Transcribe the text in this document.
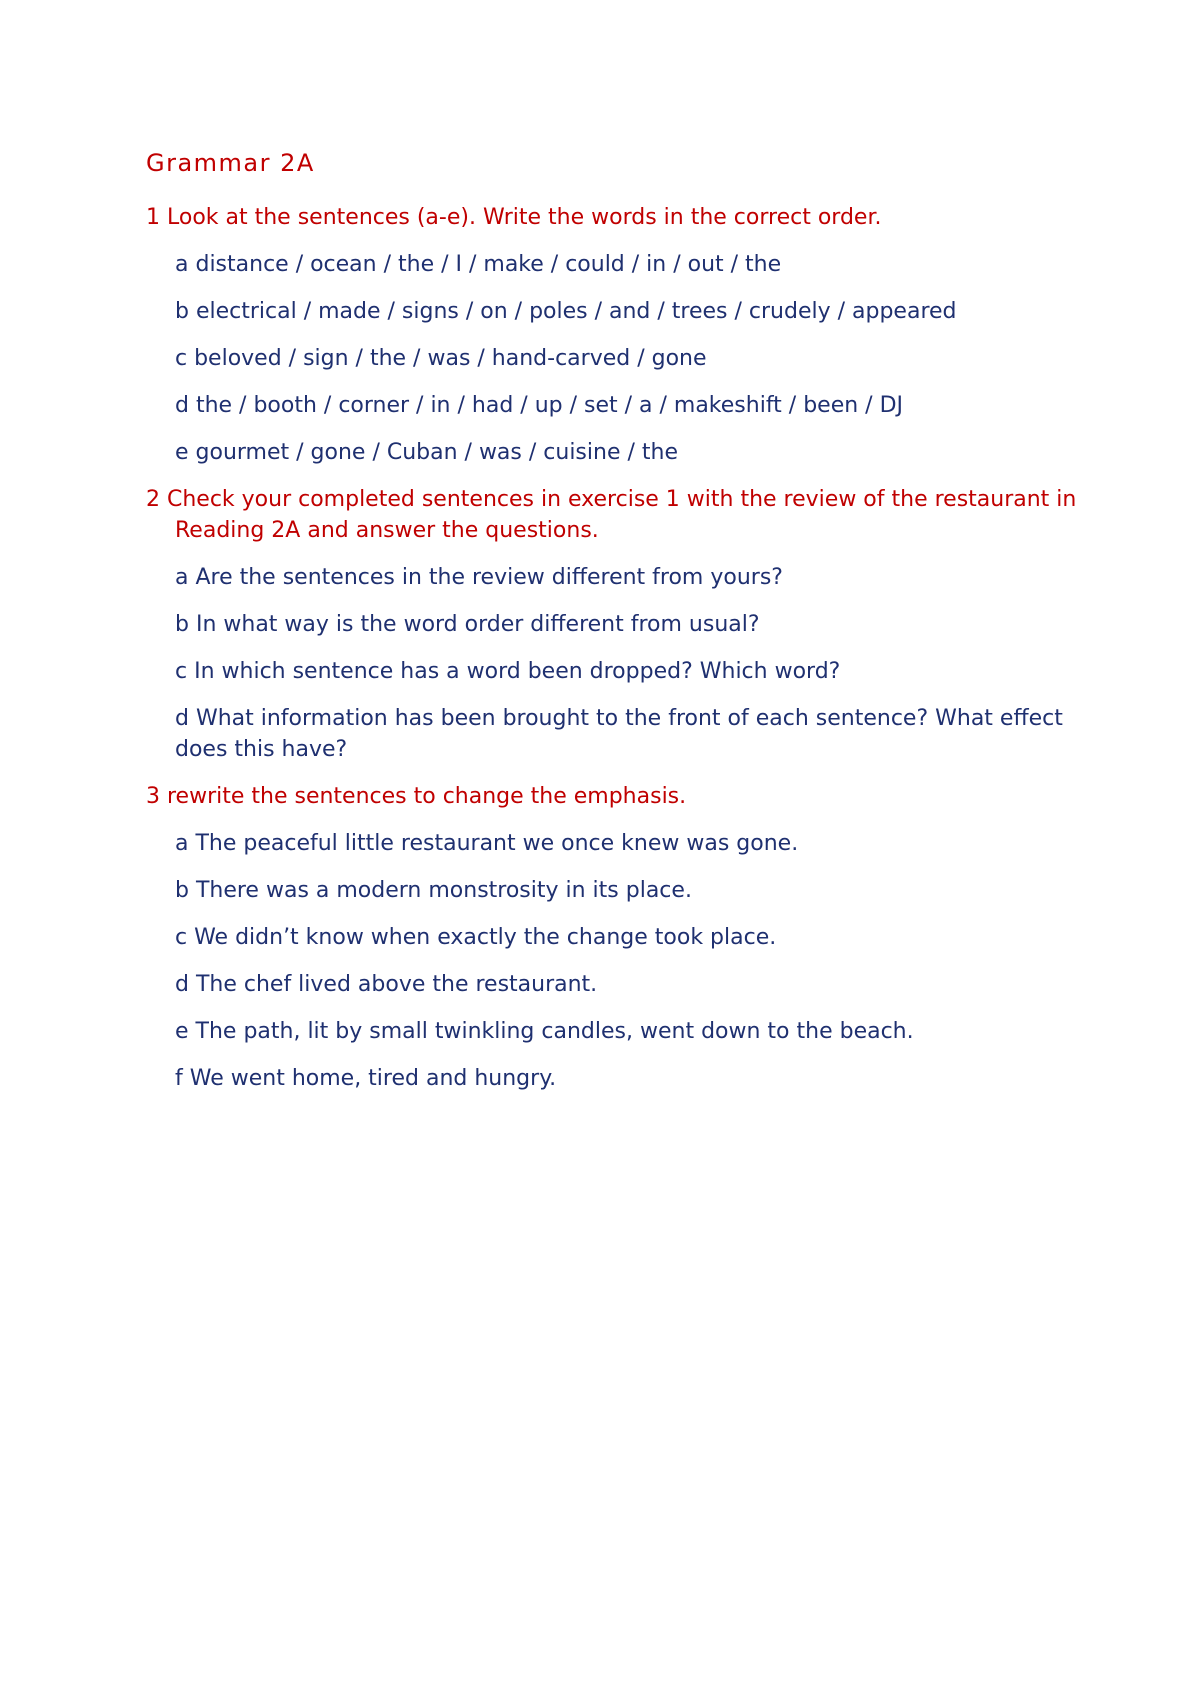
Grammar 2A
1 Look at the sentences (a-e). Write the words in the correct order.
a distance / ocean / the / I / make / could / in / out / the
b electrical / made / signs / on / poles / and / trees / crudely / appeared
c beloved / sign / the / was / hand-carved / gone
d the / booth / corner / in / had / up / set / a / makeshift / been / DJ
e gourmet / gone / Cuban / was / cuisine / the
2 Check your completed sentences in exercise 1 with the review of the restaurant in Reading 2A and answer the questions.
a Are the sentences in the review different from yours?
b In what way is the word order different from usual?
c In which sentence has a word been dropped? Which word?
d What information has been brought to the front of each sentence? What effect does this have?
3 rewrite the sentences to change the emphasis.
a The peaceful little restaurant we once knew was gone.
b There was a modern monstrosity in its place.
c We didn’t know when exactly the change took place.
d The chef lived above the restaurant.
e The path, lit by small twinkling candles, went down to the beach.
f We went home, tired and hungry.
